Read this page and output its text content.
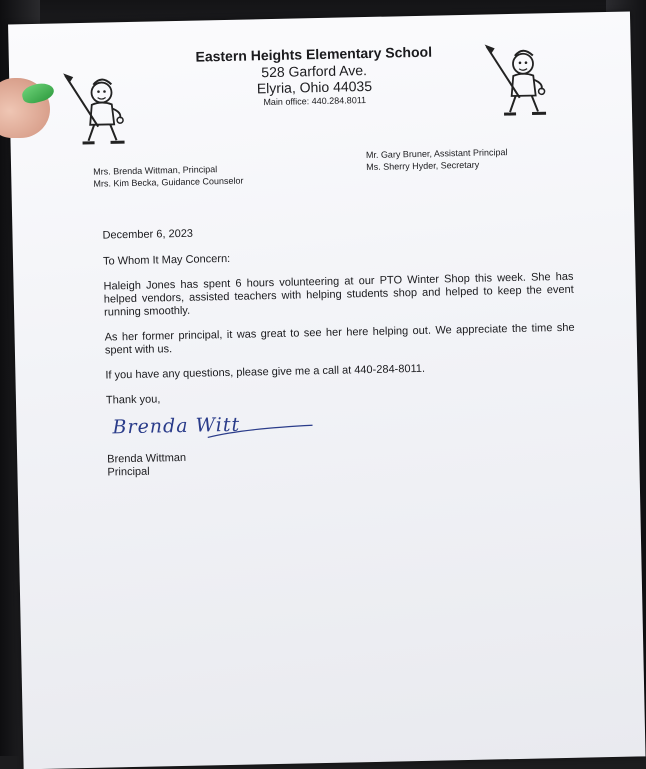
Eastern Heights Elementary School
528 Garford Ave.
Elyria, Ohio 44035
Main office: 440.284.8011
Mrs. Brenda Wittman, Principal
Mrs. Kim Becka, Guidance Counselor
Mr. Gary Bruner, Assistant Principal
Ms. Sherry Hyder, Secretary

December 6, 2023

To Whom It May Concern:

Haleigh Jones has spent 6 hours volunteering at our PTO Winter Shop this week. She has helped vendors, assisted teachers with helping students shop and helped to keep the event running smoothly.

As her former principal, it was great to see her here helping out. We appreciate the time she spent with us.

If you have any questions, please give me a call at 440-284-8011.

Thank you,

Brenda Witt

Brenda Wittman

Principal
